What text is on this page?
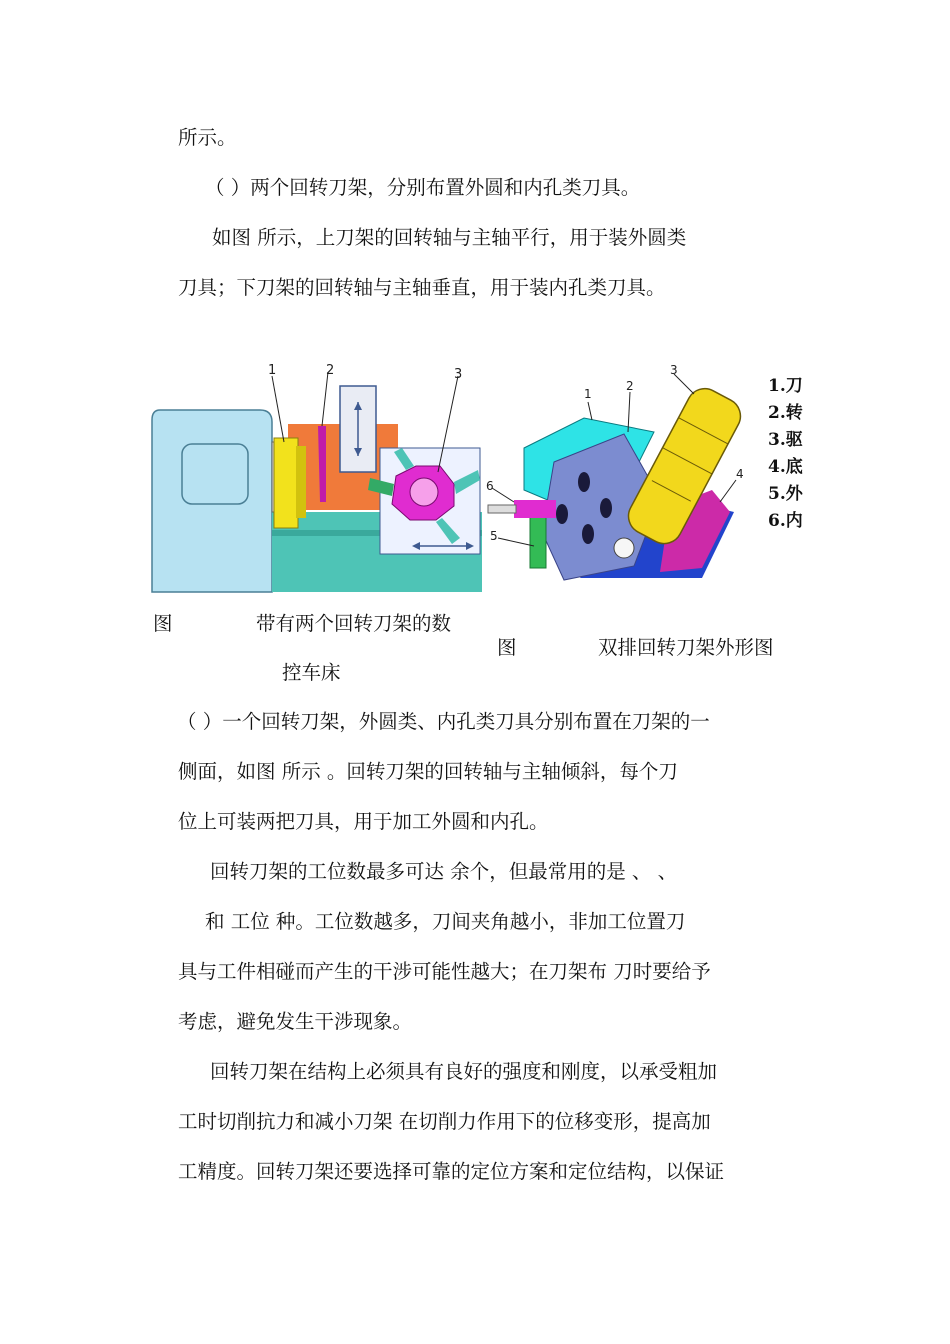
所示。
（ ）两个回转刀架，分别布置外圆和内孔类刀具。
如图 所示，上刀架的回转轴与主轴平行，用于装外圆类
刀具；下刀架的回转轴与主轴垂直，用于装内孔类刀具。
1	2	3
1
2
3
4
5
6
1.刀
2.转
3.驱
4.底
5.外
6.内
图	带有两个回转刀架的数
控车床
图	双排回转刀架外形图
（ ）一个回转刀架，外圆类、内孔类刀具分别布置在刀架的一
侧面，如图 所示 。回转刀架的回转轴与主轴倾斜，每个刀
位上可装两把刀具，用于加工外圆和内孔。
回转刀架的工位数最多可达 余个，但最常用的是 、 、
和 工位 种。工位数越多，刀间夹角越小，非加工位置刀
具与工件相碰而产生的干涉可能性越大；在刀架布 刀时要给予
考虑，避免发生干涉现象。
回转刀架在结构上必须具有良好的强度和刚度，以承受粗加
工时切削抗力和减小刀架 在切削力作用下的位移变形，提高加
工精度。回转刀架还要选择可靠的定位方案和定位结构，以保证
